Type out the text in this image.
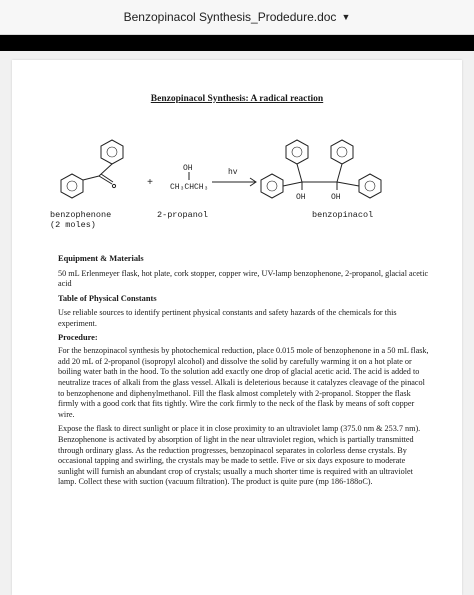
Benzopinacol Synthesis_Prodedure.doc ▼
Benzopinacol Synthesis: A radical reaction
+
OH
CH₃CHCH₃
hv
OH	OH
benzophenone
(2 moles)
2-propanol	benzopinacol
Equipment & Materials

50 mL Erlenmeyer flask, hot plate, cork stopper, copper wire, UV-lamp benzophenone, 2-propanol, glacial acetic acid

Table of Physical Constants

Use reliable sources to identify pertinent physical constants and safety hazards of the chemicals for this experiment.

Procedure:

For the benzopinacol synthesis by photochemical reduction, place 0.015 mole of benzophenone in a 50 mL flask, add 20 mL of 2-propanol (isopropyl alcohol) and dissolve the solid by carefully warming it on a hot plate or boiling water bath in the hood. To the solution add exactly one drop of glacial acetic acid. The acid is added to neutralize traces of alkali from the glass vessel. Alkali is deleterious because it catalyzes cleavage of the pinacol to benzophenone and diphenylmethanol. Fill the flask almost completely with 2-propanol. Stopper the flask firmly with a good cork that fits tightly. Wire the cork firmly to the neck of the flask by means of soft copper wire.

Expose the flask to direct sunlight or place it in close proximity to an ultraviolet lamp (375.0 nm & 253.7 nm). Benzophenone is activated by absorption of light in the near ultraviolet region, which is partially transmitted through ordinary glass. As the reduction progresses, benzopinacol separates in colorless dense crystals. By occasional tapping and swirling, the crystals may be made to settle. Five or six days exposure to moderate sunlight will furnish an abundant crop of crystals; usually a much shorter time is required with an ultraviolet lamp. Collect these with suction (vacuum filtration). The product is quite pure (mp 186-188oC).
